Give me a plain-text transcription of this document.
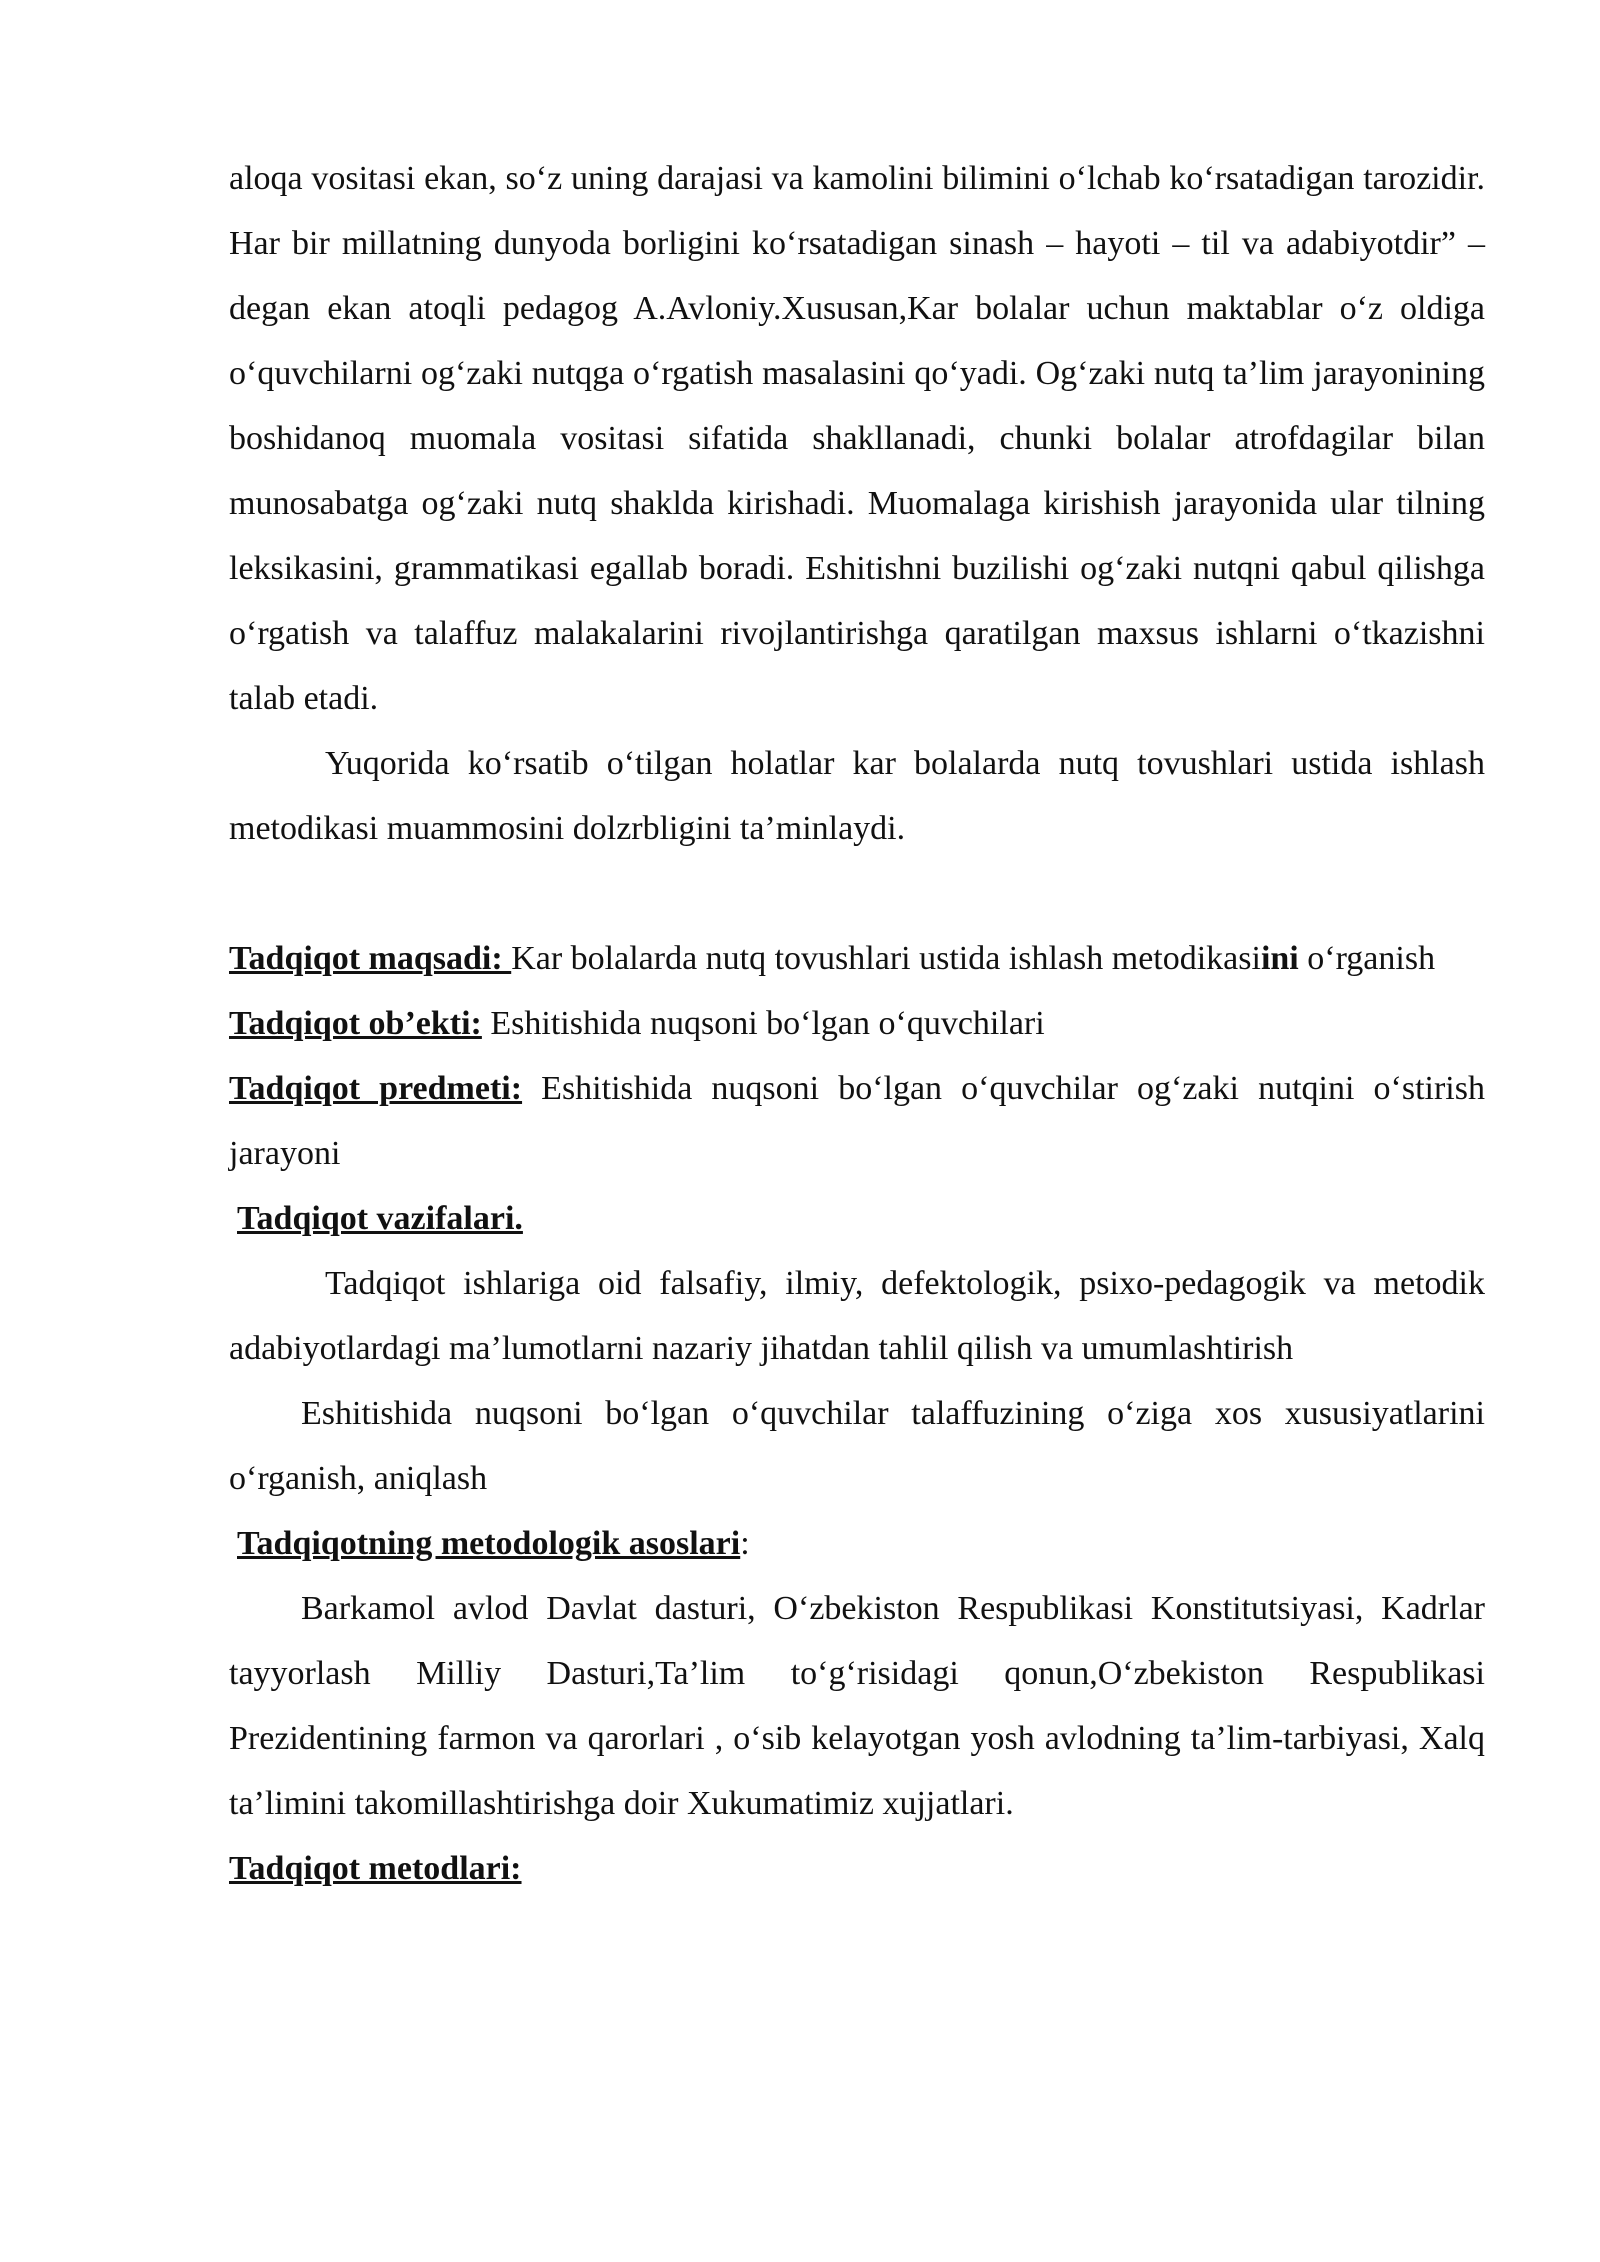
aloqa vositasi ekan, so‘z uning darajasi va kamolini bilimini o‘lchab ko‘rsatadigan tarozidir. Har bir millatning dunyoda borligini ko‘rsatadigan sinash – hayoti – til va adabiyotdir” – degan ekan atoqli pedagog A.Avloniy.Xususan,Kar bolalar uchun maktablar o‘z oldiga o‘quvchilarni og‘zaki nutqga o‘rgatish masalasini qo‘yadi. Og‘zaki nutq ta’lim jarayonining boshidanoq muomala vositasi sifatida shakllanadi, chunki bolalar atrofdagilar bilan munosabatga og‘zaki nutq shaklda kirishadi. Muomalaga kirishish jarayonida ular tilning leksikasini, grammatikasi egallab boradi. Eshitishni buzilishi og‘zaki nutqni qabul qilishga o‘rgatish va talaffuz malakalarini rivojlantirishga qaratilgan maxsus ishlarni o‘tkazishni talab etadi.

Yuqorida ko‘rsatib o‘tilgan holatlar kar bolalarda nutq tovushlari ustida ishlash metodikasi muammosini dolzrbligini ta’minlaydi.

Tadqiqot maqsadi: Kar bolalarda nutq tovushlari ustida ishlash metodikasiini o‘rganish

Tadqiqot ob’ekti: Eshitishida nuqsoni bo‘lgan o‘quvchilari

Tadqiqot predmeti: Eshitishida nuqsoni bo‘lgan o‘quvchilar og‘zaki nutqini o‘stirish jarayoni

Tadqiqot vazifalari.

Tadqiqot ishlariga oid falsafiy, ilmiy, defektologik, psixo-pedagogik va metodik adabiyotlardagi ma’lumotlarni nazariy jihatdan tahlil qilish va umumlashtirish

Eshitishida nuqsoni bo‘lgan o‘quvchilar talaffuzining o‘ziga xos xususiyatlarini o‘rganish, aniqlash

Tadqiqotning metodologik asoslari:

Barkamol avlod Davlat dasturi, O‘zbekiston Respublikasi Konstitutsiyasi, Kadrlar tayyorlash Milliy Dasturi,Ta’lim to‘g‘risidagi qonun,O‘zbekiston Respublikasi Prezidentining farmon va qarorlari , o‘sib kelayotgan yosh avlodning ta’lim-tarbiyasi, Xalq ta’limini takomillashtirishga doir Xukumatimiz xujjatlari.

Tadqiqot metodlari:
